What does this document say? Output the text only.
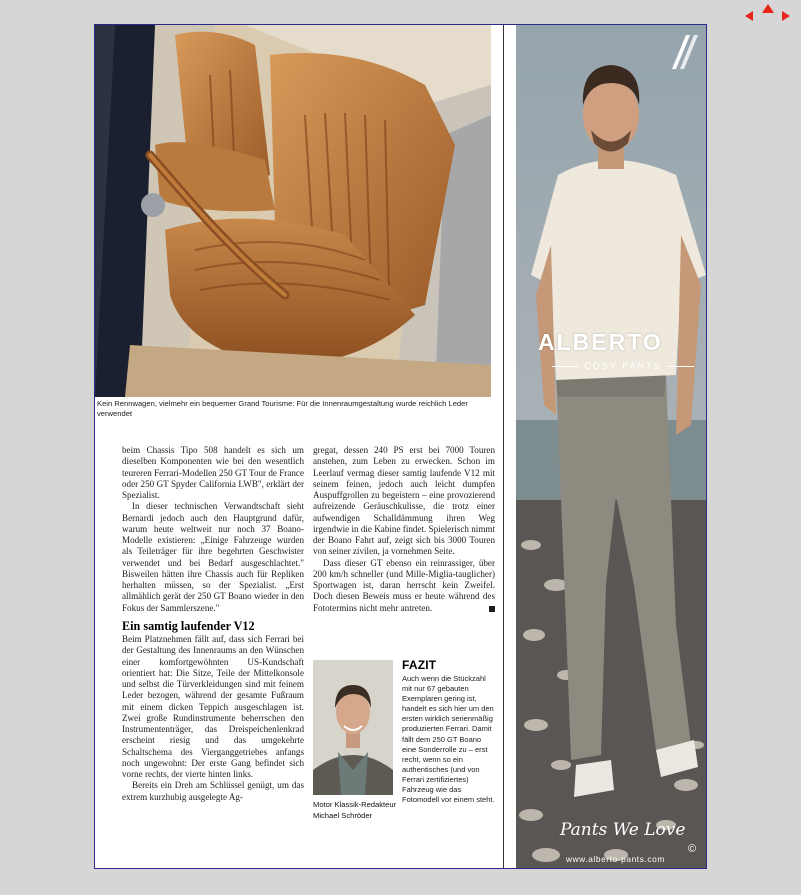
Kein Rennwagen, vielmehr ein bequemer Grand Tourisme: Für die Innenraumgestaltung wurde reichlich Leder verwendet

beim Chassis Tipo 508 handelt es sich um dieselben Komponenten wie bei den wesentlich teureren Ferrari-Modellen 250 GT Tour de France oder 250 GT Spyder California LWB", erklärt der Spezialist.

In dieser technischen Verwandtschaft sieht Bernardi jedoch auch den Hauptgrund dafür, warum heute weltweit nur noch 37 Boano-Modelle existieren: „Einige Fahrzeuge wurden als Teileträger für ihre begehrten Geschwister verwendet und bei Bedarf ausgeschlachtet." Bisweilen hätten ihre Chassis auch für Repliken herhalten müssen, so der Spezialist. „Erst allmählich gerät der 250 GT Boano wieder in den Fokus der Sammlerszene."

Ein samtig laufender V12

Beim Platznehmen fällt auf, dass sich Ferrari bei der Gestaltung des Innenraums an den Wünschen einer komfortgewöhnten US-Kundschaft orientiert hat: Die Sitze, Teile der Mittelkonsole und selbst die Türverkleidungen sind mit feinem Leder bezogen, während der gesamte Fußraum mit einem dicken Teppich ausgeschlagen ist. Zwei große Rundinstrumente beherrschen den Instrumententräger, das Dreispeichenlenkrad erscheint riesig und das umgekehrte Schaltschema des Vierganggetriebes anfangs noch ungewohnt: Der erste Gang befindet sich vorne rechts, der vierte hinten links.

Bereits ein Dreh am Schlüssel genügt, um das extrem kurzhubig ausgelegte Ag-

gregat, dessen 240 PS erst bei 7000 Touren anstehen, zum Leben zu erwecken. Schon im Leerlauf vermag dieser samtig laufende V12 mit seinem feinen, jedoch auch leicht dumpfen Auspuffgrollen zu begeistern – eine provozierend aufreizende Geräuschkulisse, die trotz einer aufwendigen Schalldämmung ihren Weg irgendwie in die Kabine findet. Spielerisch nimmt der Boano Fahrt auf, zeigt sich bis 3000 Touren von seiner zivilen, ja vornehmen Seite.

Dass dieser GT ebenso ein reinrassiger, über 200 km/h schneller (und Mille-Miglia-tauglicher) Sportwagen ist, daran herrscht kein Zweifel. Doch diesen Beweis muss er heute während des Fototermins nicht mehr antreten.

Motor Klassik-Redakteur Michael Schröder
FAZIT

Auch wenn die Stückzahl mit nur 67 gebauten Exemplaren gering ist, handelt es sich hier um den ersten wirklich serienmäßig produzierten Ferrari. Damit fällt dem 250 GT Boano eine Sonderrolle zu – erst recht, wenn so ein authentisches (und von Ferrari zertifiziertes) Fahrzeug wie das Fotomodell vor einem steht.

ALBERTO
COSY PANTS
Pants We Love
©
www.alberto-pants.com
